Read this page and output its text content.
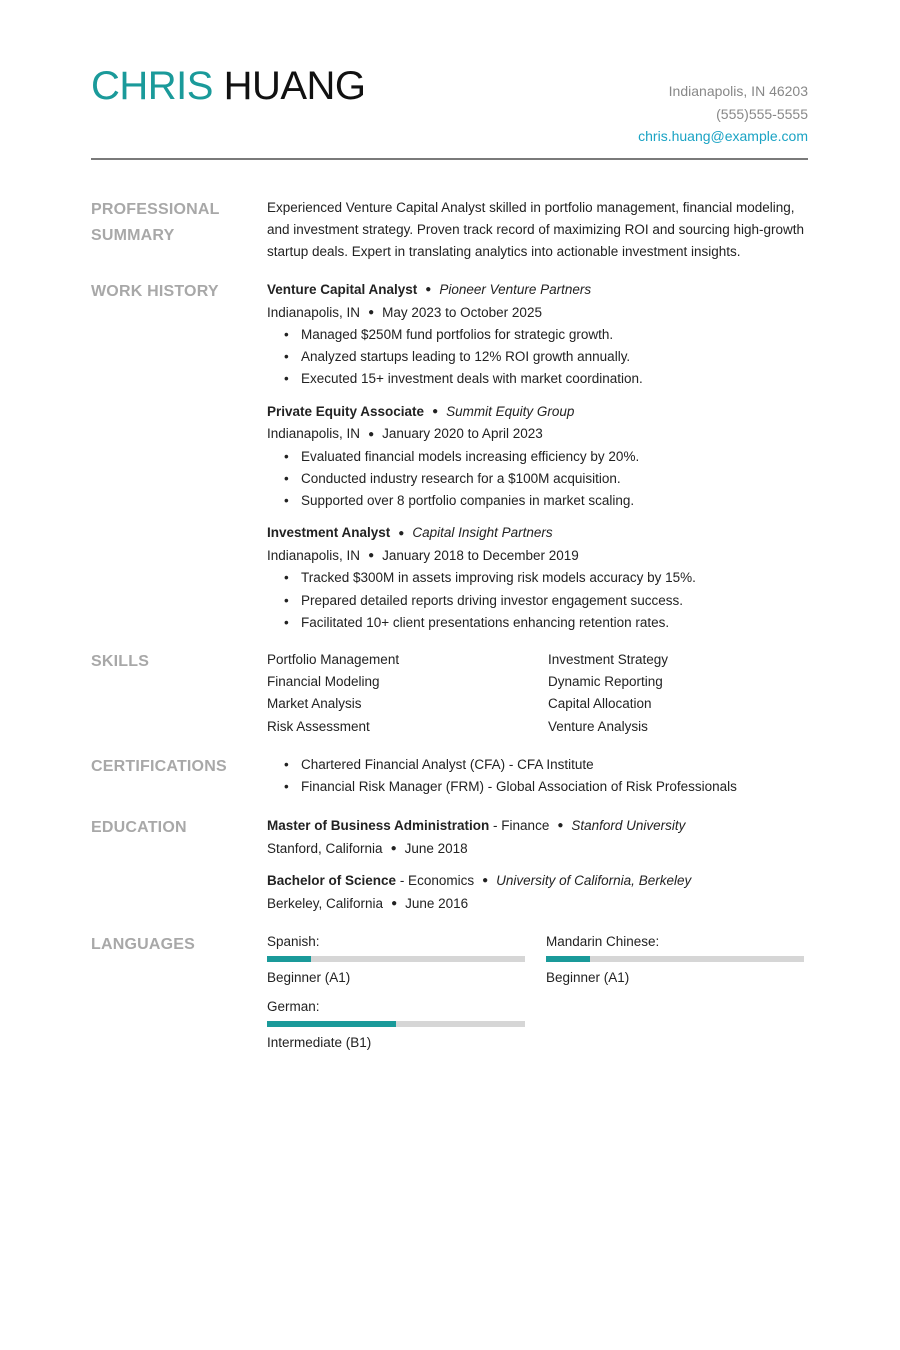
CHRIS HUANG	Indianapolis, IN 46203
(555)555-5555
chris.huang@example.com
PROFESSIONAL
SUMMARY

Experienced Venture Capital Analyst skilled in portfolio management, financial modeling, and investment strategy. Proven track record of maximizing ROI and sourcing high-growth startup deals. Expert in translating analytics into actionable investment insights.

WORK HISTORY	Venture Capital Analyst ● Pioneer Venture Partners
Indianapolis, IN ● May 2023 to October 2025
• Managed $250M fund portfolios for strategic growth.
• Analyzed startups leading to 12% ROI growth annually.
• Executed 15+ investment deals with market coordination.
Private Equity Associate ● Summit Equity Group
Indianapolis, IN ● January 2020 to April 2023
• Evaluated financial models increasing efficiency by 20%.
• Conducted industry research for a $100M acquisition.
• Supported over 8 portfolio companies in market scaling.
Investment Analyst ● Capital Insight Partners
Indianapolis, IN ● January 2018 to December 2019
• Tracked $300M in assets improving risk models accuracy by 15%.
• Prepared detailed reports driving investor engagement success.
• Facilitated 10+ client presentations enhancing retention rates.
SKILLS	Portfolio Management	Investment Strategy
Financial Modeling	Dynamic Reporting
Market Analysis	Capital Allocation
Risk Assessment	Venture Analysis
CERTIFICATIONS
•	Chartered Financial Analyst (CFA) - CFA Institute
• Financial Risk Manager (FRM) - Global Association of Risk Professionals
EDUCATION	Master of Business Administration - Finance ● Stanford University
Stanford, California ● June 2018
Bachelor of Science - Economics ● University of California, Berkeley
Berkeley, California ● June 2016
LANGUAGES	Spanish:
Beginner (A1)
Mandarin Chinese:
Beginner (A1)
German:
Intermediate (B1)
